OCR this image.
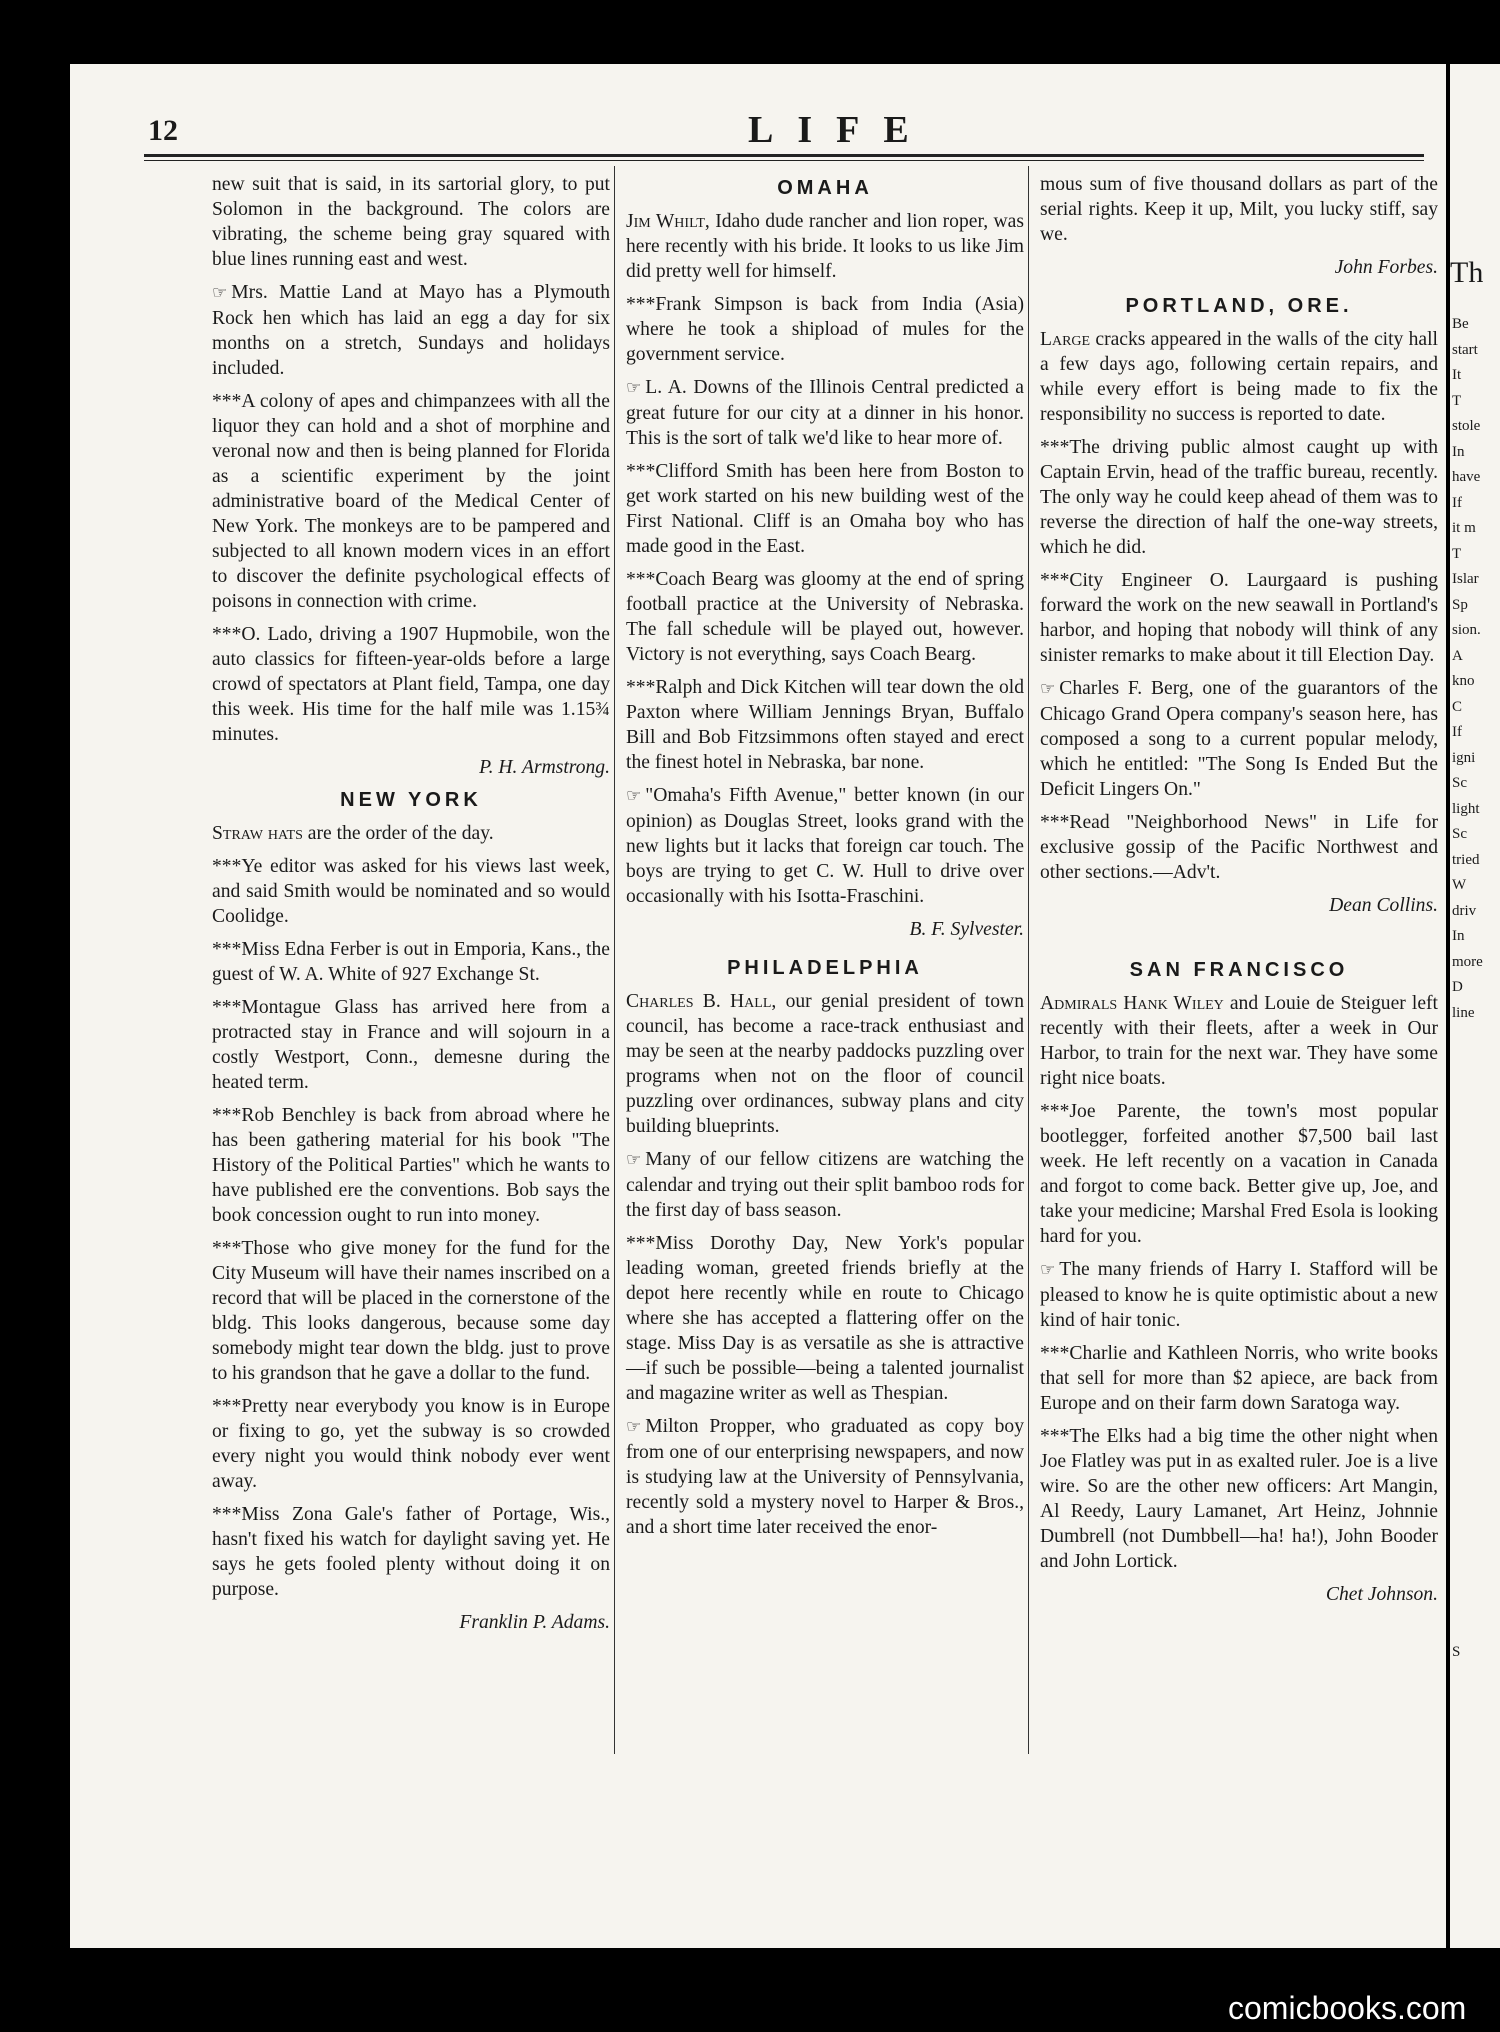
12	LIFE

new suit that is said, in its sartorial glory, to put Solomon in the background. The colors are vibrating, the scheme being gray squared with blue lines running east and west.

☞ Mrs. Mattie Land at Mayo has a Plymouth Rock hen which has laid an egg a day for six months on a stretch, Sundays and holidays included.

***A colony of apes and chimpanzees with all the liquor they can hold and a shot of morphine and veronal now and then is being planned for Florida as a scientific experiment by the joint administrative board of the Medical Center of New York. The monkeys are to be pampered and subjected to all known modern vices in an effort to discover the definite psychological effects of poisons in connection with crime.

***O. Lado, driving a 1907 Hupmobile, won the auto classics for fifteen-year-olds before a large crowd of spectators at Plant field, Tampa, one day this week. His time for the half mile was 1.15¾ minutes.

P. H. Armstrong.

NEW YORK

Straw hats are the order of the day.

***Ye editor was asked for his views last week, and said Smith would be nominated and so would Coolidge.

***Miss Edna Ferber is out in Emporia, Kans., the guest of W. A. White of 927 Exchange St.

***Montague Glass has arrived here from a protracted stay in France and will sojourn in a costly Westport, Conn., demesne during the heated term.

***Rob Benchley is back from abroad where he has been gathering material for his book "The History of the Political Parties" which he wants to have published ere the conventions. Bob says the book concession ought to run into money.

***Those who give money for the fund for the City Museum will have their names inscribed on a record that will be placed in the cornerstone of the bldg. This looks dangerous, because some day somebody might tear down the bldg. just to prove to his grandson that he gave a dollar to the fund.

***Pretty near everybody you know is in Europe or fixing to go, yet the subway is so crowded every night you would think nobody ever went away.

***Miss Zona Gale's father of Portage, Wis., hasn't fixed his watch for daylight saving yet. He says he gets fooled plenty without doing it on purpose.

Franklin P. Adams.

OMAHA

Jim Whilt, Idaho dude rancher and lion roper, was here recently with his bride. It looks to us like Jim did pretty well for himself.

***Frank Simpson is back from India (Asia) where he took a shipload of mules for the government service.

☞ L. A. Downs of the Illinois Central predicted a great future for our city at a dinner in his honor. This is the sort of talk we'd like to hear more of.

***Clifford Smith has been here from Boston to get work started on his new building west of the First National. Cliff is an Omaha boy who has made good in the East.

***Coach Bearg was gloomy at the end of spring football practice at the University of Nebraska. The fall schedule will be played out, however. Victory is not everything, says Coach Bearg.

***Ralph and Dick Kitchen will tear down the old Paxton where William Jennings Bryan, Buffalo Bill and Bob Fitzsimmons often stayed and erect the finest hotel in Nebraska, bar none.

☞ "Omaha's Fifth Avenue," better known (in our opinion) as Douglas Street, looks grand with the new lights but it lacks that foreign car touch. The boys are trying to get C. W. Hull to drive over occasionally with his Isotta-Fraschini.

B. F. Sylvester.

PHILADELPHIA

Charles B. Hall, our genial president of town council, has become a race-track enthusiast and may be seen at the nearby paddocks puzzling over programs when not on the floor of council puzzling over ordinances, subway plans and city building blueprints.

☞ Many of our fellow citizens are watching the calendar and trying out their split bamboo rods for the first day of bass season.

***Miss Dorothy Day, New York's popular leading woman, greeted friends briefly at the depot here recently while en route to Chicago where she has accepted a flattering offer on the stage. Miss Day is as versatile as she is attractive—if such be possible—being a talented journalist and magazine writer as well as Thespian.

☞ Milton Propper, who graduated as copy boy from one of our enterprising newspapers, and now is studying law at the University of Pennsylvania, recently sold a mystery novel to Harper & Bros., and a short time later received the enor-

mous sum of five thousand dollars as part of the serial rights. Keep it up, Milt, you lucky stiff, say we.

John Forbes.

PORTLAND, ORE.

Large cracks appeared in the walls of the city hall a few days ago, following certain repairs, and while every effort is being made to fix the responsibility no success is reported to date.

***The driving public almost caught up with Captain Ervin, head of the traffic bureau, recently. The only way he could keep ahead of them was to reverse the direction of half the one-way streets, which he did.

***City Engineer O. Laurgaard is pushing forward the work on the new seawall in Portland's harbor, and hoping that nobody will think of any sinister remarks to make about it till Election Day.

☞ Charles F. Berg, one of the guarantors of the Chicago Grand Opera company's season here, has composed a song to a current popular melody, which he entitled: "The Song Is Ended But the Deficit Lingers On."

***Read "Neighborhood News" in Life for exclusive gossip of the Pacific Northwest and other sections.—Adv't.

Dean Collins.

SAN FRANCISCO

Admirals Hank Wiley and Louie de Steiguer left recently with their fleets, after a week in Our Harbor, to train for the next war. They have some right nice boats.

***Joe Parente, the town's most popular bootlegger, forfeited another $7,500 bail last week. He left recently on a vacation in Canada and forgot to come back. Better give up, Joe, and take your medicine; Marshal Fred Esola is looking hard for you.

☞ The many friends of Harry I. Stafford will be pleased to know he is quite optimistic about a new kind of hair tonic.

***Charlie and Kathleen Norris, who write books that sell for more than $2 apiece, are back from Europe and on their farm down Saratoga way.

***The Elks had a big time the other night when Joe Flatley was put in as exalted ruler. Joe is a live wire. So are the other new officers: Art Mangin, Al Reedy, Laury Lamanet, Art Heinz, Johnnie Dumbrell (not Dumbbell—ha! ha!), John Booder and John Lortick.

Chet Johnson.

Th
Be
start
It
T
stole
In
have
If
it m
T
Islar
Sp
sion.
A
kno
C
If
igni
Sc
light
Sc
tried
W
driv
In
more
D
line
S
comicbooks.com
